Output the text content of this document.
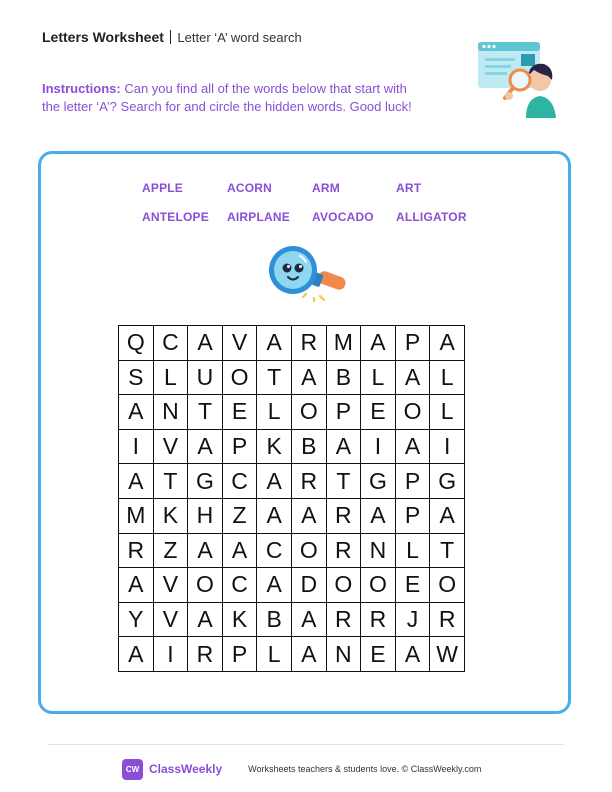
Letters Worksheet Letter ‘A’ word search
Instructions: Can you find all of the words below that start with the letter ‘A’? Search for and circle the hidden words. Good luck!
APPLE	ACORN	ARM	ART
ANTELOPE AIRPLANE AVOCADO ALLIGATOR
Q C A V A R M A P A
S L U O T A B L A L
A N T E L O P E O L
I	V A P K B A	I	A	I
A T G C A R T G P G
M K H Z A A R A P A
R Z A A C O R N L T
A V O C A D O O E O
Y V A K B A R R J R
A	I	R P L A N E A W
CW ClassWeekly	Worksheets teachers & students love. © ClassWeekly.com
